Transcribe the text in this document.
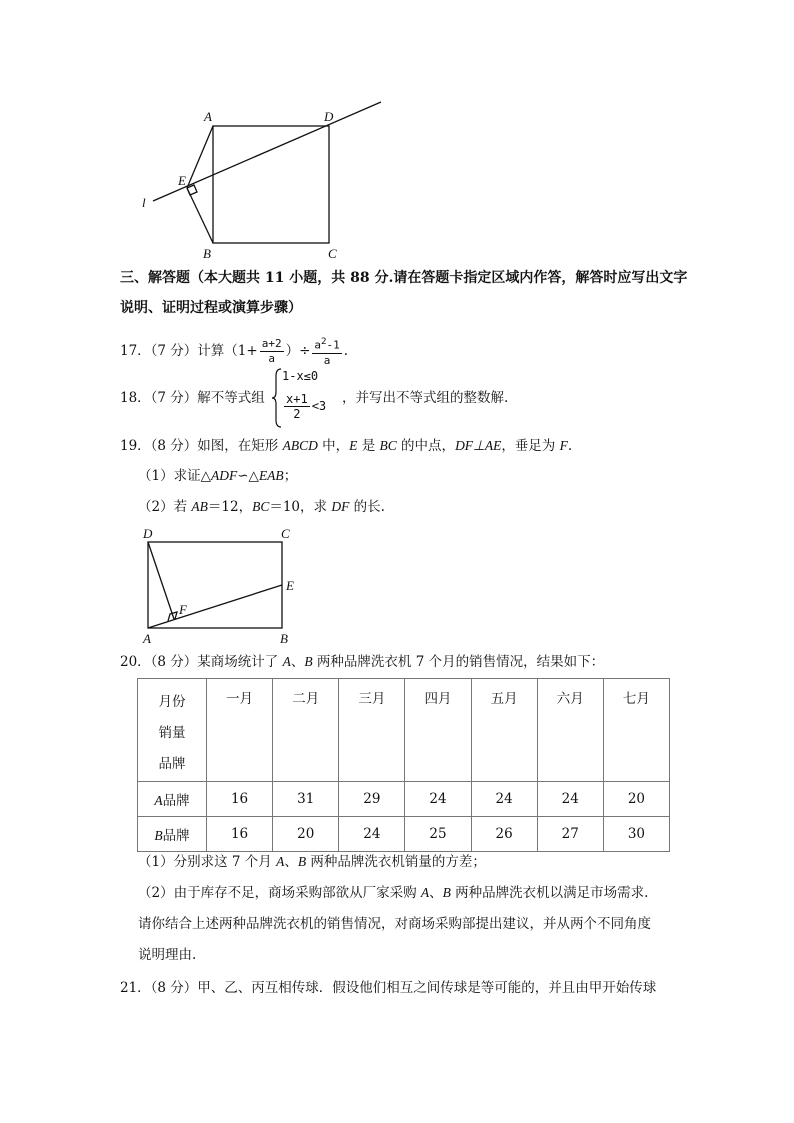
A	D
E
B	C
l
三、解答题（本大题共 11 小题，共 88 分.请在答题卡指定区域内作答，解答时应写出文字
说明、证明过程或演算步骤）
17．（7 分）计算（$1+ \frac{a+2}{a}$ ）÷ $\frac{a^2-1}{a}$ .
18．（7 分）解不等式组
1-x≤0
$\frac{x+1}{2} <3$ ，并写出不等式组的整数解.
19．（8 分）如图，在矩形 ABCD 中，E 是 BC 的中点，DF⊥AE，垂足为 F.
（1）求证△ADF∽△EAB；
（2）若 AB＝12，BC＝10，求 DF 的长.
D	C
E
F
A	B
20．（8 分）某商场统计了 A、B 两种品牌洗衣机 7 个月的销售情况，结果如下：
月份
销量
品牌	一月	二月	三月	四月	五月	六月	七月
A品牌	16	31	29	24	24	24	20
B品牌	16	20	24	25	26	27	30
（1）分别求这 7 个月 A、B 两种品牌洗衣机销量的方差；
（2）由于库存不足，商场采购部欲从厂家采购 A、B 两种品牌洗衣机以满足市场需求.
请你结合上述两种品牌洗衣机的销售情况，对商场采购部提出建议，并从两个不同角度
说明理由.
21．（8 分）甲、乙、丙互相传球．假设他们相互之间传球是等可能的，并且由甲开始传球
